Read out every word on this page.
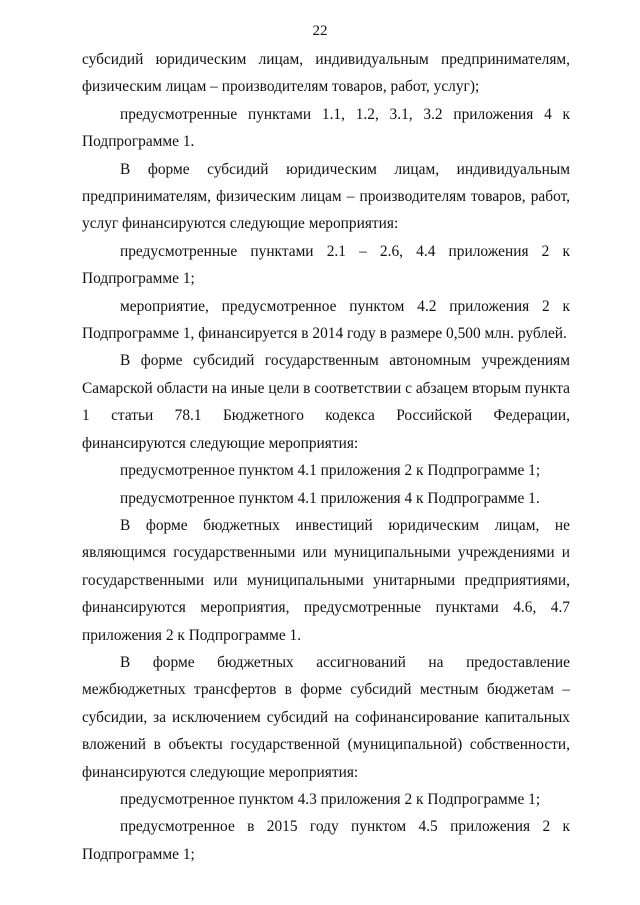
22

субсидий юридическим лицам, индивидуальным предпринимателям, физическим лицам – производителям товаров, работ, услуг);

предусмотренные пунктами 1.1, 1.2, 3.1, 3.2 приложения 4 к Подпрограмме 1.

В форме субсидий юридическим лицам, индивидуальным предпринимателям, физическим лицам – производителям товаров, работ, услуг финансируются следующие мероприятия:

предусмотренные пунктами 2.1 – 2.6, 4.4 приложения 2 к Подпрограмме 1;

мероприятие, предусмотренное пунктом 4.2 приложения 2 к Подпрограмме 1, финансируется в 2014 году в размере 0,500 млн. рублей.

В форме субсидий государственным автономным учреждениям Самарской области на иные цели в соответствии с абзацем вторым пункта 1 статьи 78.1 Бюджетного кодекса Российской Федерации, финансируются следующие мероприятия:

предусмотренное пунктом 4.1 приложения 2 к Подпрограмме 1;

предусмотренное пунктом 4.1 приложения 4 к Подпрограмме 1.

В форме бюджетных инвестиций юридическим лицам, не являющимся государственными или муниципальными учреждениями и государственными или муниципальными унитарными предприятиями, финансируются мероприятия, предусмотренные пунктами 4.6, 4.7 приложения 2 к Подпрограмме 1.

В форме бюджетных ассигнований на предоставление межбюджетных трансфертов в форме субсидий местным бюджетам – субсидии, за исключением субсидий на софинансирование капитальных вложений в объекты государственной (муниципальной) собственности, финансируются следующие мероприятия:

предусмотренное пунктом 4.3 приложения 2 к Подпрограмме 1;

предусмотренное в 2015 году пунктом 4.5 приложения 2 к Подпрограмме 1;
